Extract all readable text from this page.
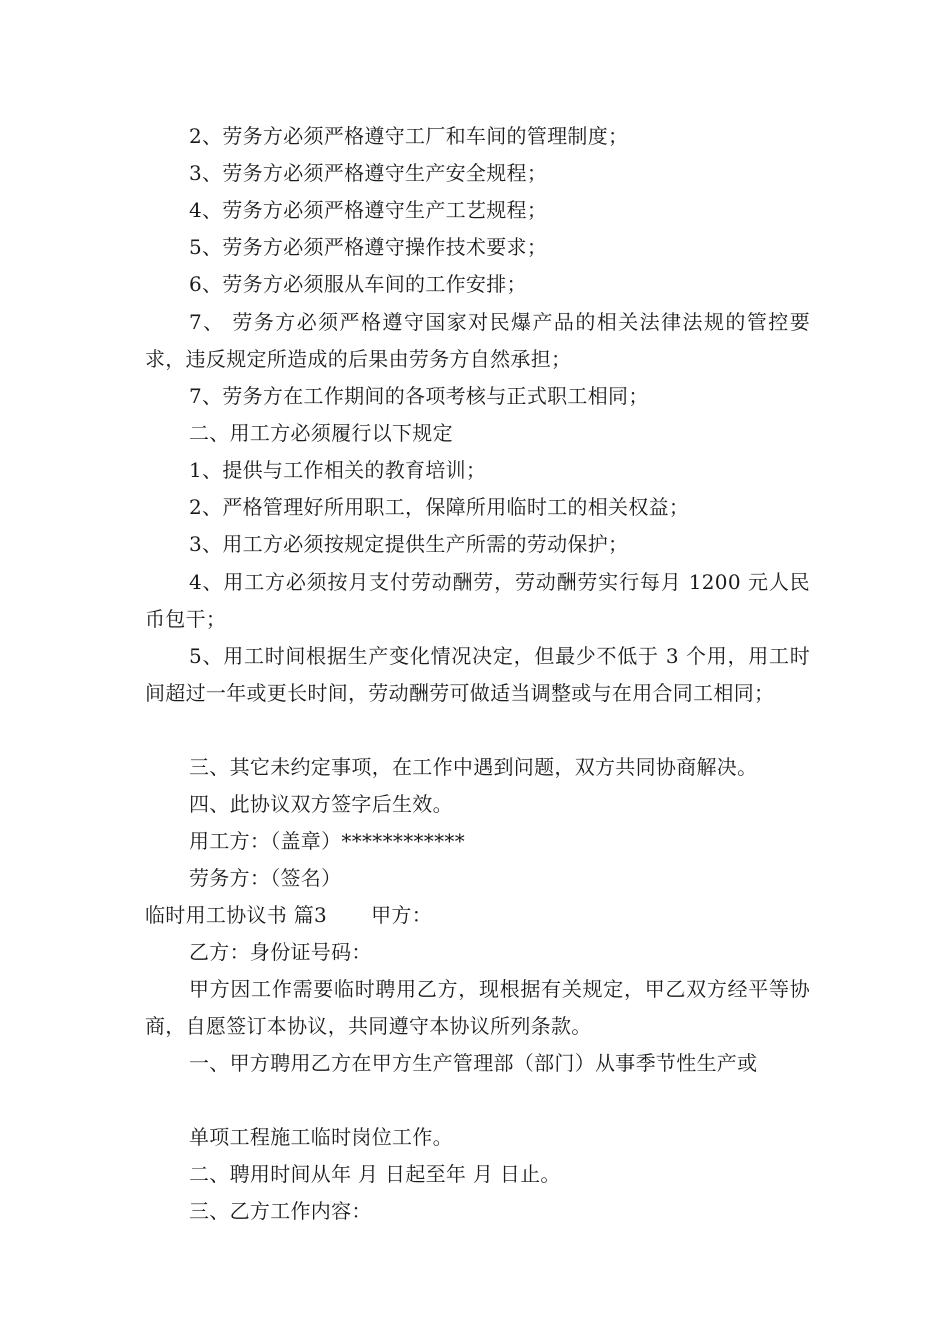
2、劳务方必须严格遵守工厂和车间的管理制度；
3、劳务方必须严格遵守生产安全规程；
4、劳务方必须严格遵守生产工艺规程；
5、劳务方必须严格遵守操作技术要求；
6、劳务方必须服从车间的工作安排；
7、 劳务方必须严格遵守国家对民爆产品的相关法律法规的管控要求，违反规定所造成的后果由劳务方自然承担；
7、劳务方在工作期间的各项考核与正式职工相同；
二、用工方必须履行以下规定
1、提供与工作相关的教育培训；
2、严格管理好所用职工，保障所用临时工的相关权益；
3、用工方必须按规定提供生产所需的劳动保护；
4、用工方必须按月支付劳动酬劳，劳动酬劳实行每月 1200 元人民币包干；
5、用工时间根据生产变化情况决定，但最少不低于 3 个用，用工时间超过一年或更长时间，劳动酬劳可做适当调整或与在用合同工相同；
三、其它未约定事项，在工作中遇到问题，双方共同协商解决。
四、此协议双方签字后生效。
用工方：（盖章）************
劳务方：（签名）
临时用工协议书 篇3 甲方：
乙方：身份证号码：
甲方因工作需要临时聘用乙方，现根据有关规定，甲乙双方经平等协商，自愿签订本协议，共同遵守本协议所列条款。
一、甲方聘用乙方在甲方生产管理部（部门）从事季节性生产或
单项工程施工临时岗位工作。
二、聘用时间从年 月 日起至年 月 日止。
三、乙方工作内容：
